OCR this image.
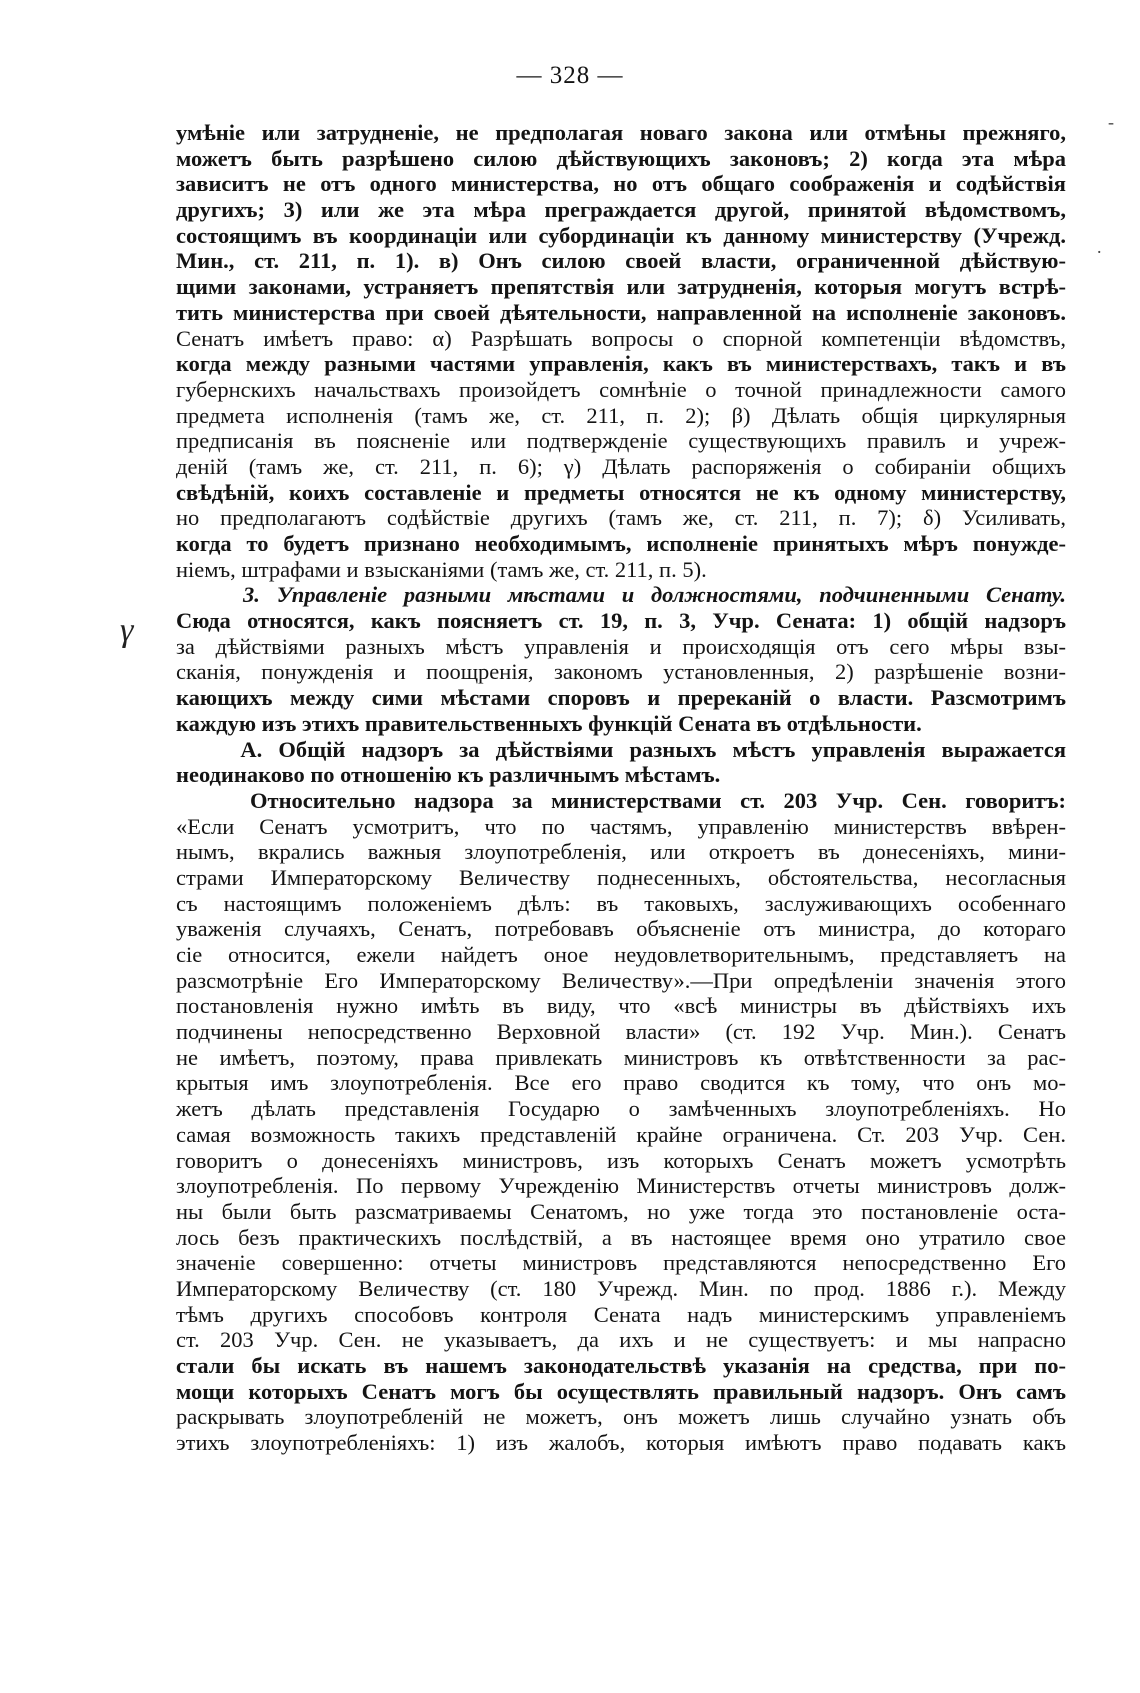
— 328 —
γ
-
.
умѣніе или затрудненіе, не предполагая новаго закона или отмѣны прежняго,
можетъ быть разрѣшено силою дѣйствующихъ законовъ; 2) когда эта мѣра
зависитъ не отъ одного министерства, но отъ общаго соображенія и содѣйствія
другихъ; 3) или же эта мѣра преграждается другой, принятой вѣдомствомъ,
состоящимъ въ координаціи или субординаціи къ данному министерству (Учрежд.
Мин., ст. 211, п. 1). в) Онъ силою своей власти, ограниченной дѣйствую-
щими законами, устраняетъ препятствія или затрудненія, которыя могутъ встрѣ-
тить министерства при своей дѣятельности, направленной на исполненіе законовъ.
Сенатъ имѣетъ право: α) Разрѣшать вопросы о спорной компетенціи вѣдомствъ,
когда между разными частями управленія, какъ въ министерствахъ, такъ и въ
губернскихъ начальствахъ произойдетъ сомнѣніе о точной принадлежности самого
предмета исполненія (тамъ же, ст. 211, п. 2); β) Дѣлать общія циркулярныя
предписанія въ поясненіе или подтвержденіе существующихъ правилъ и учреж-
деній (тамъ же, ст. 211, п. 6); γ) Дѣлать распоряженія о собираніи общихъ
свѣдѣній, коихъ составленіе и предметы относятся не къ одному министерству,
но предполагаютъ содѣйствіе другихъ (тамъ же, ст. 211, п. 7); δ) Усиливать,
когда то будетъ признано необходимымъ, исполненіе принятыхъ мѣръ понужде-
ніемъ, штрафами и взысканіями (тамъ же, ст. 211, п. 5).
3. Управленіе разными мѣстами и должностями, подчиненными Сенату.
Сюда относятся, какъ поясняетъ ст. 19, п. 3, Учр. Сената: 1) общій надзоръ
за дѣйствіями разныхъ мѣстъ управленія и происходящія отъ сего мѣры взы-
сканія, понужденія и поощренія, закономъ установленныя, 2) разрѣшеніе возни-
кающихъ между сими мѣстами споровъ и пререканій о власти. Разсмотримъ
каждую изъ этихъ правительственныхъ функцій Сената въ отдѣльности.
А. Общій надзоръ за дѣйствіями разныхъ мѣстъ управленія выражается
неодинаково по отношенію къ различнымъ мѣстамъ.
Относительно надзора за министерствами ст. 203 Учр. Сен. говоритъ:
«Если Сенатъ усмотритъ, что по частямъ, управленію министерствъ ввѣрен-
нымъ, вкрались важныя злоупотребленія, или откроетъ въ донесеніяхъ, мини-
страми Императорскому Величеству поднесенныхъ, обстоятельства, несогласныя
съ настоящимъ положеніемъ дѣлъ: въ таковыхъ, заслуживающихъ особеннаго
уваженія случаяхъ, Сенатъ, потребовавъ объясненіе отъ министра, до котораго
сіе относится, ежели найдетъ оное неудовлетворительнымъ, представляетъ на
разсмотрѣніе Его Императорскому Величеству».—При опредѣленіи значенія этого
постановленія нужно имѣть въ виду, что «всѣ министры въ дѣйствіяхъ ихъ
подчинены непосредственно Верховной власти» (ст. 192 Учр. Мин.). Сенатъ
не имѣетъ, поэтому, права привлекать министровъ къ отвѣтственности за рас-
крытыя имъ злоупотребленія. Все его право сводится къ тому, что онъ мо-
жетъ дѣлать представленія Государю о замѣченныхъ злоупотребленіяхъ. Но
самая возможность такихъ представленій крайне ограничена. Ст. 203 Учр. Сен.
говоритъ о донесеніяхъ министровъ, изъ которыхъ Сенатъ можетъ усмотрѣть
злоупотребленія. По первому Учрежденію Министерствъ отчеты министровъ долж-
ны были быть разсматриваемы Сенатомъ, но уже тогда это постановленіе оста-
лось безъ практическихъ послѣдствій, а въ настоящее время оно утратило свое
значеніе совершенно: отчеты министровъ представляются непосредственно Его
Императорскому Величеству (ст. 180 Учрежд. Мин. по прод. 1886 г.). Между
тѣмъ другихъ способовъ контроля Сената надъ министерскимъ управленіемъ
ст. 203 Учр. Сен. не указываетъ, да ихъ и не существуетъ: и мы напрасно
стали бы искать въ нашемъ законодательствѣ указанія на средства, при по-
мощи которыхъ Сенатъ могъ бы осуществлять правильный надзоръ. Онъ самъ
раскрывать злоупотребленій не можетъ, онъ можетъ лишь случайно узнать объ
этихъ злоупотребленіяхъ: 1) изъ жалобъ, которыя имѣютъ право подавать какъ
